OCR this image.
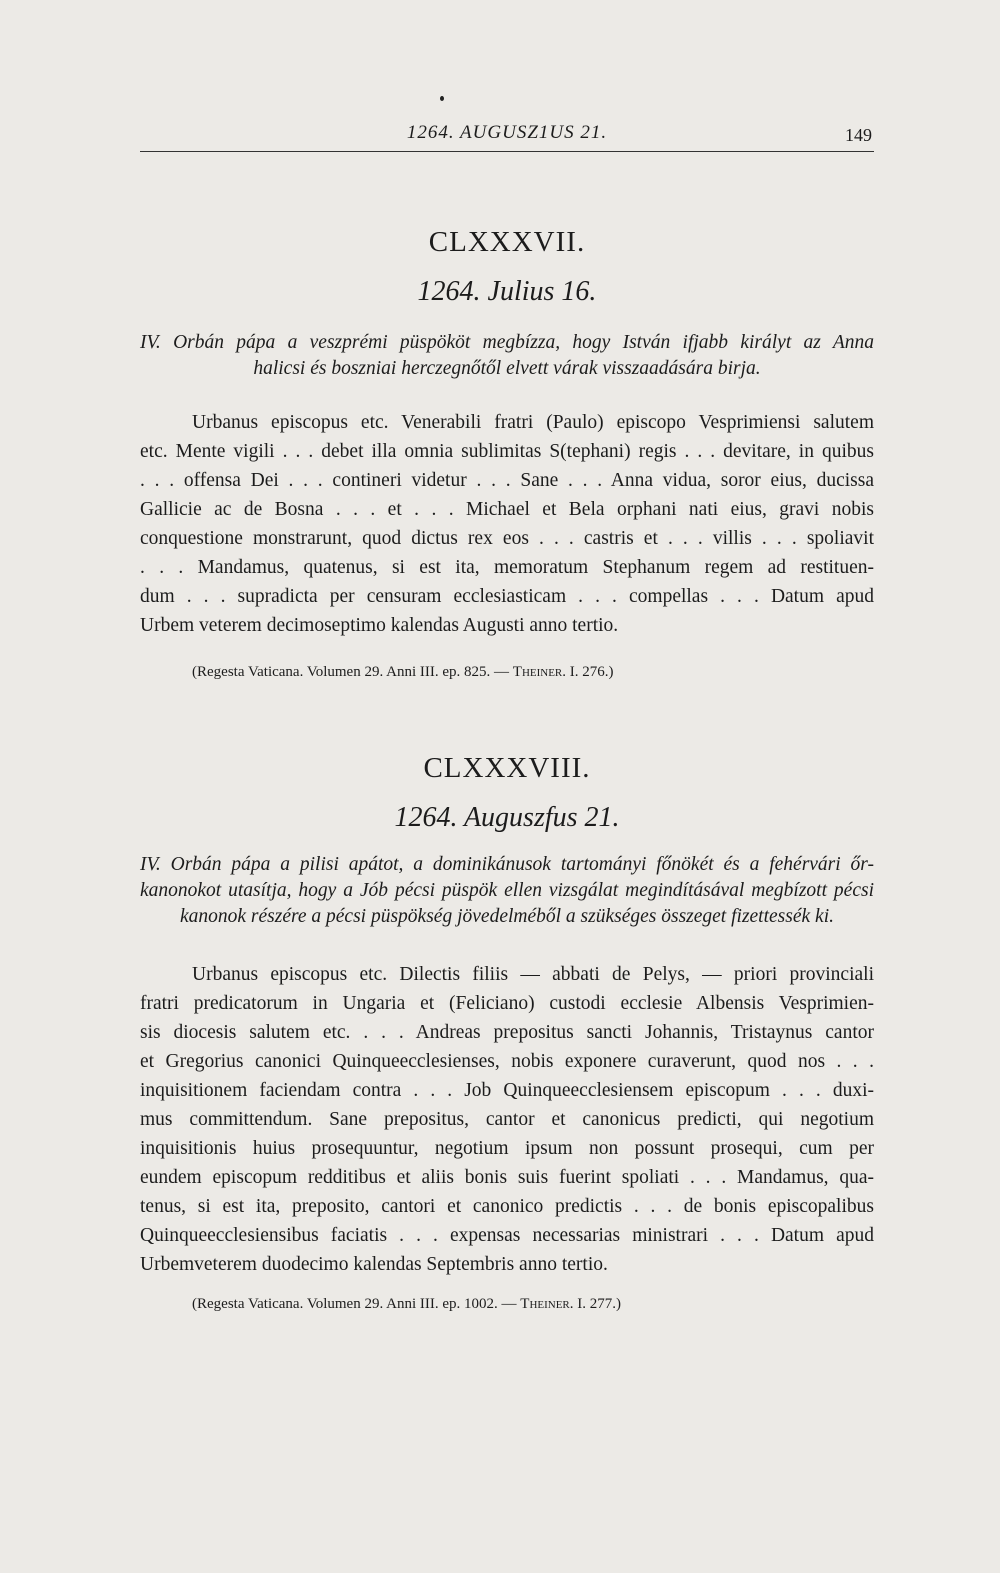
1264. AUGUSZ1US 21.	149
CLXXXVII.
1264. Julius 16.
IV. Orbán pápa a veszprémi püspököt megbízza, hogy István ifjabb királyt az Anna
halicsi és boszniai herczegnőtől elvett várak visszaadására birja.
Urbanus episcopus etc. Venerabili fratri (Paulo) episcopo Vesprimiensi salutem
etc. Mente vigili . . . debet illa omnia sublimitas S(tephani) regis . . . devitare, in quibus
. . . offensa Dei . . . contineri videtur . . . Sane . . . Anna vidua, soror eius, ducissa
Gallicie ac de Bosna . . . et . . . Michael et Bela orphani nati eius, gravi nobis
conquestione monstrarunt, quod dictus rex eos . . . castris et . . . villis . . . spoliavit
. . . Mandamus, quatenus, si est ita, memoratum Stephanum regem ad restituen-
dum . . . supradicta per censuram ecclesiasticam . . . compellas . . . Datum apud
Urbem veterem decimoseptimo kalendas Augusti anno tertio.
(Regesta Vaticana. Volumen 29. Anni III. ep. 825. — Theiner. I. 276.)
CLXXXVIII.
1264. Auguszfus 21.
IV. Orbán pápa a pilisi apátot, a dominikánusok tartományi főnökét és a fehérvári őr-
kanonokot utasítja, hogy a Jób pécsi püspök ellen vizsgálat megindításával megbízott pécsi
kanonok részére a pécsi püspökség jövedelméből a szükséges összeget fizettessék ki.
Urbanus episcopus etc. Dilectis filiis — abbati de Pelys, — priori provinciali
fratri predicatorum in Ungaria et (Feliciano) custodi ecclesie Albensis Vesprimien-
sis diocesis salutem etc. . . . Andreas prepositus sancti Johannis, Tristaynus cantor
et Gregorius canonici Quinqueecclesienses, nobis exponere curaverunt, quod nos . . .
inquisitionem faciendam contra . . . Job Quinqueecclesiensem episcopum . . . duxi-
mus committendum. Sane prepositus, cantor et canonicus predicti, qui negotium
inquisitionis huius prosequuntur, negotium ipsum non possunt prosequi, cum per
eundem episcopum redditibus et aliis bonis suis fuerint spoliati . . . Mandamus, qua-
tenus, si est ita, preposito, cantori et canonico predictis . . . de bonis episcopalibus
Quinqueecclesiensibus faciatis . . . expensas necessarias ministrari . . . Datum apud
Urbemveterem duodecimo kalendas Septembris anno tertio.
(Regesta Vaticana. Volumen 29. Anni III. ep. 1002. — Theiner. I. 277.)
